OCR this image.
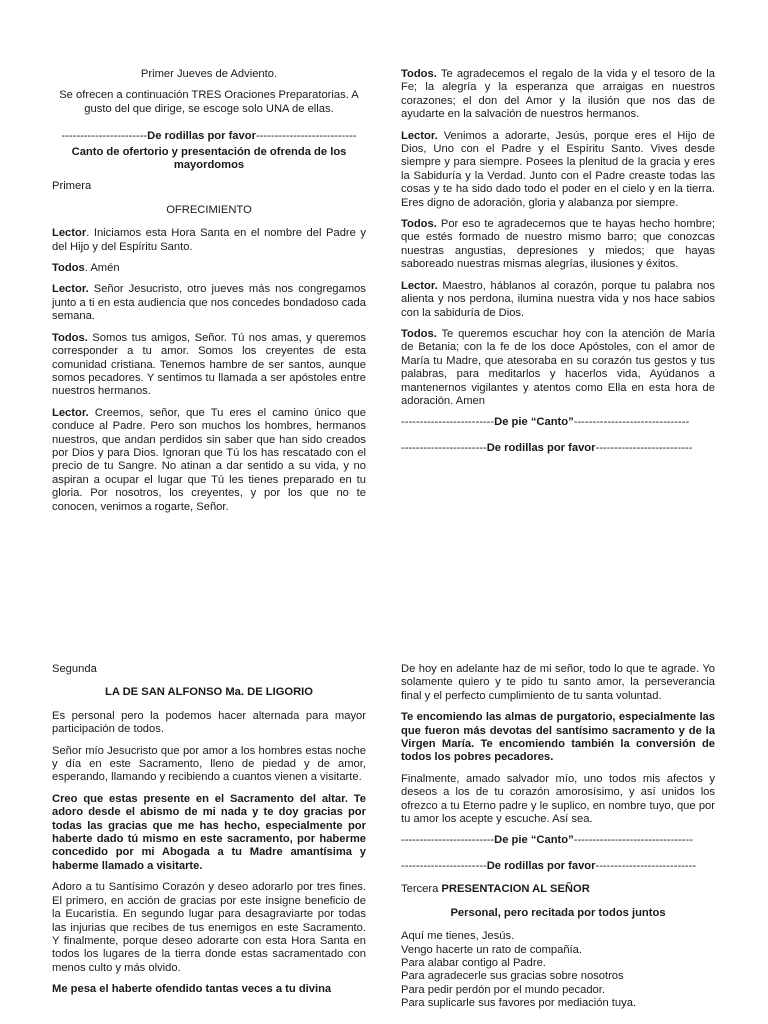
Primer Jueves de Adviento.

Se ofrecen a continuación TRES Oraciones Preparatorias. A gusto del que dirige, se escoge solo UNA de ellas.

-----------------------De rodillas por favor---------------------------

Canto de ofertorio y presentación de ofrenda de los mayordomos

Primera

OFRECIMIENTO

Lector. Iniciamos esta Hora Santa en el nombre del Padre y del Hijo y del Espíritu Santo.

Todos. Amén

Lector. Señor Jesucristo, otro jueves más nos congregamos junto a ti en esta audiencia que nos concedes bondadoso cada semana.

Todos. Somos tus amigos, Señor. Tú nos amas, y queremos corresponder a tu amor. Somos los creyentes de esta comunidad cristiana. Tenemos hambre de ser santos, aunque somos pecadores. Y sentimos tu llamada a ser apóstoles entre nuestros hermanos.

Lector. Creemos, señor, que Tu eres el camino único que conduce al Padre. Pero son muchos los hombres, hermanos nuestros, que andan perdidos sin saber que han sido creados por Dios y para Dios. Ignoran que Tú los has rescatado con el precio de tu Sangre. No atinan a dar sentido a su vida, y no aspiran a ocupar el lugar que Tú les tienes preparado en tu gloria. Por nosotros, los creyentes, y por los que no te conocen, venimos a rogarte, Señor.

Todos. Te agradecemos el regalo de la vida y el tesoro de la Fe; la alegría y la esperanza que arraigas en nuestros corazones; el don del Amor y la ilusión que nos das de ayudarte en la salvación de nuestros hermanos.

Lector. Venimos a adorarte, Jesús, porque eres el Hijo de Dios, Uno con el Padre y el Espíritu Santo. Vives desde siempre y para siempre. Posees la plenitud de la gracia y eres la Sabiduría y la Verdad. Junto con el Padre creaste todas las cosas y te ha sido dado todo el poder en el cielo y en la tierra. Eres digno de adoración, gloria y alabanza por siempre.

Todos. Por eso te agradecemos que te hayas hecho hombre; que estés formado de nuestro mismo barro; que conozcas nuestras angustias, depresiones y miedos; que hayas saboreado nuestras mismas alegrías, ilusiones y éxitos.

Lector. Maestro, háblanos al corazón, porque tu palabra nos alienta y nos perdona, ilumina nuestra vida y nos hace sabios con la sabiduría de Dios.

Todos. Te queremos escuchar hoy con la atención de María de Betania; con la fe de los doce Apóstoles, con el amor de María tu Madre, que atesoraba en su corazón tus gestos y tus palabras, para meditarlos y hacerlos vida, Ayúdanos a mantenernos vigilantes y atentos como Ella en esta hora de adoración. Amen

-------------------------De pie “Canto”-------------------------------

-----------------------De rodillas por favor--------------------------

Segunda

LA DE SAN ALFONSO Ma. DE LIGORIO

Es personal pero la podemos hacer alternada para mayor participación de todos.

Señor mío Jesucristo que por amor a los hombres estas noche y día en este Sacramento, lleno de piedad y de amor, esperando, llamando y recibiendo a cuantos vienen a visitarte.

Creo que estas presente en el Sacramento del altar. Te adoro desde el abismo de mi nada y te doy gracias por todas las gracias que me has hecho, especialmente por haberte dado tú mismo en este sacramento, por haberme concedido por mi Abogada a tu Madre amantísima y haberme llamado a visitarte.

Adoro a tu Santísimo Corazón y deseo adorarlo por tres fines. El primero, en acción de gracias por este insigne beneficio de la Eucaristía. En segundo lugar para desagraviarte por todas las injurias que recibes de tus enemigos en este Sacramento. Y finalmente, porque deseo adorarte con esta Hora Santa en todos los lugares de la tierra donde estas sacramentado con menos culto y más olvido.

Me pesa el haberte ofendido tantas veces a tu divina

De hoy en adelante haz de mi señor, todo lo que te agrade. Yo solamente quiero y te pido tu santo amor, la perseverancia final y el perfecto cumplimiento de tu santa voluntad.

Te encomiendo las almas de purgatorio, especialmente las que fueron más devotas del santísimo sacramento y de la Virgen María. Te encomiendo también la conversión de todos los pobres pecadores.

Finalmente, amado salvador mío, uno todos mis afectos y deseos a los de tu corazón amorosísimo, y así unidos los ofrezco a tu Eterno padre y le suplico, en nombre tuyo, que por tu amor los acepte y escuche. Así sea.

-------------------------De pie “Canto”--------------------------------

-----------------------De rodillas por favor---------------------------

Tercera PRESENTACION AL SEÑOR

Personal, pero recitada por todos juntos

Aquí me tienes, Jesús.

Vengo hacerte un rato de compañía.

Para alabar contigo al Padre.

Para agradecerle sus gracias sobre nosotros

Para pedir perdón por el mundo pecador.

Para suplicarle sus favores por mediación tuya.
